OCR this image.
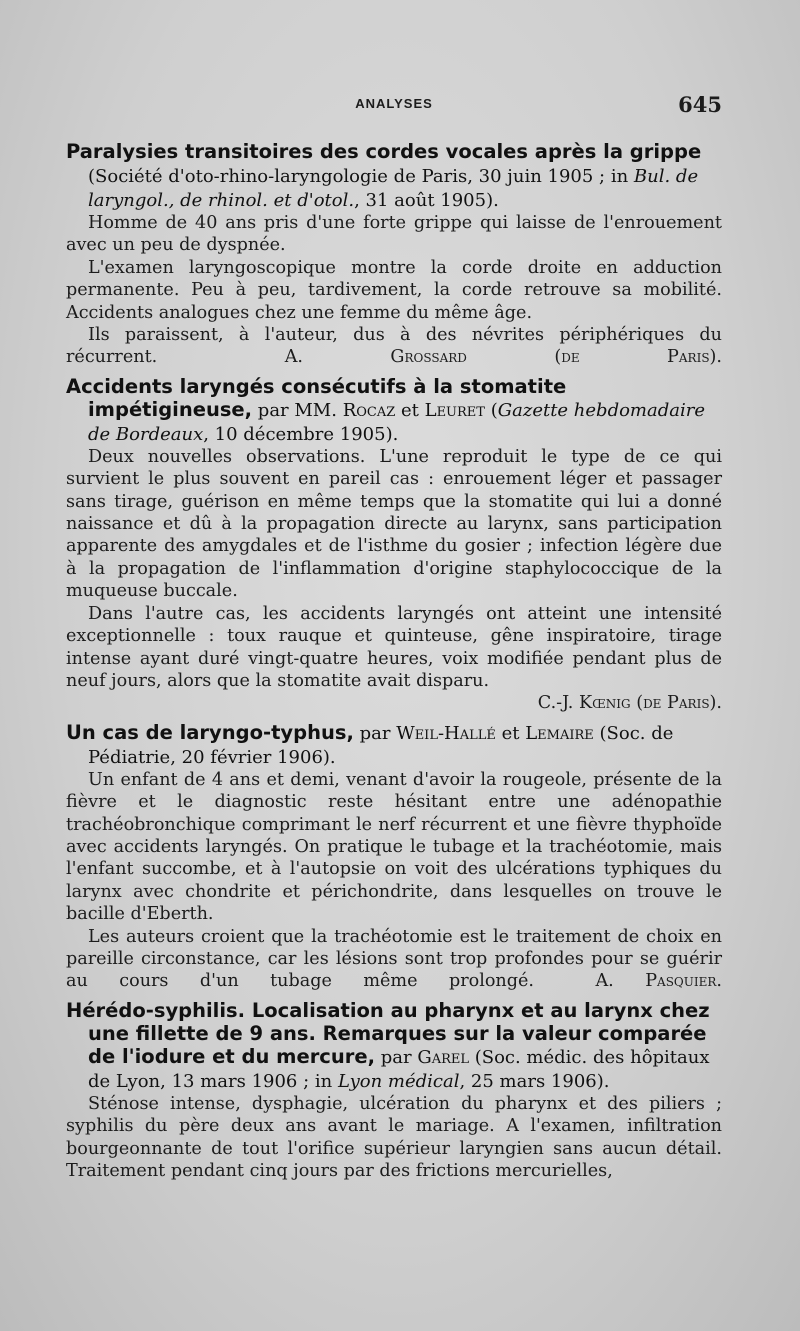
ANALYSES	645

Paralysies transitoires des cordes vocales après la grippe (Société d'oto-rhino-laryngologie de Paris, 30 juin 1905 ; in Bul. de laryngol., de rhinol. et d'otol., 31 août 1905).

Homme de 40 ans pris d'une forte grippe qui laisse de l'enrouement avec un peu de dyspnée.

L'examen laryngoscopique montre la corde droite en adduction permanente. Peu à peu, tardivement, la corde retrouve sa mobilité. Accidents analogues chez une femme du même âge.

Ils paraissent, à l'auteur, dus à des névrites périphériques du récurrent.	A. Grossard (de Paris).

Accidents laryngés consécutifs à la stomatite impétigineuse, par MM. Rocaz et Leuret (Gazette hebdomadaire de Bordeaux, 10 décembre 1905).

Deux nouvelles observations. L'une reproduit le type de ce qui survient le plus souvent en pareil cas : enrouement léger et passager sans tirage, guérison en même temps que la stomatite qui lui a donné naissance et dû à la propagation directe au larynx, sans participation apparente des amygdales et de l'isthme du gosier ; infection légère due à la propagation de l'inflammation d'origine staphylococcique de la muqueuse buccale.

Dans l'autre cas, les accidents laryngés ont atteint une intensité exceptionnelle : toux rauque et quinteuse, gêne inspiratoire, tirage intense ayant duré vingt-quatre heures, voix modifiée pendant plus de neuf jours, alors que la stomatite avait disparu.

C.-J. Kœnig (de Paris).

Un cas de laryngo-typhus, par Weil-Hallé et Lemaire (Soc. de Pédiatrie, 20 février 1906).

Un enfant de 4 ans et demi, venant d'avoir la rougeole, présente de la fièvre et le diagnostic reste hésitant entre une adénopathie trachéobronchique comprimant le nerf récurrent et une fièvre thyphoïde avec accidents laryngés. On pratique le tubage et la trachéotomie, mais l'enfant succombe, et à l'autopsie on voit des ulcérations typhiques du larynx avec chondrite et périchondrite, dans lesquelles on trouve le bacille d'Eberth.

Les auteurs croient que la trachéotomie est le traitement de choix en pareille circonstance, car les lésions sont trop profondes pour se guérir au cours d'un tubage même prolongé.	A. Pasquier.

Hérédo-syphilis. Localisation au pharynx et au larynx chez une fillette de 9 ans. Remarques sur la valeur comparée de l'iodure et du mercure, par Garel (Soc. médic. des hôpitaux de Lyon, 13 mars 1906 ; in Lyon médical, 25 mars 1906).

Sténose intense, dysphagie, ulcération du pharynx et des piliers ; syphilis du père deux ans avant le mariage. A l'examen, infiltration bourgeonnante de tout l'orifice supérieur laryngien sans aucun détail. Traitement pendant cinq jours par des frictions mercurielles,
